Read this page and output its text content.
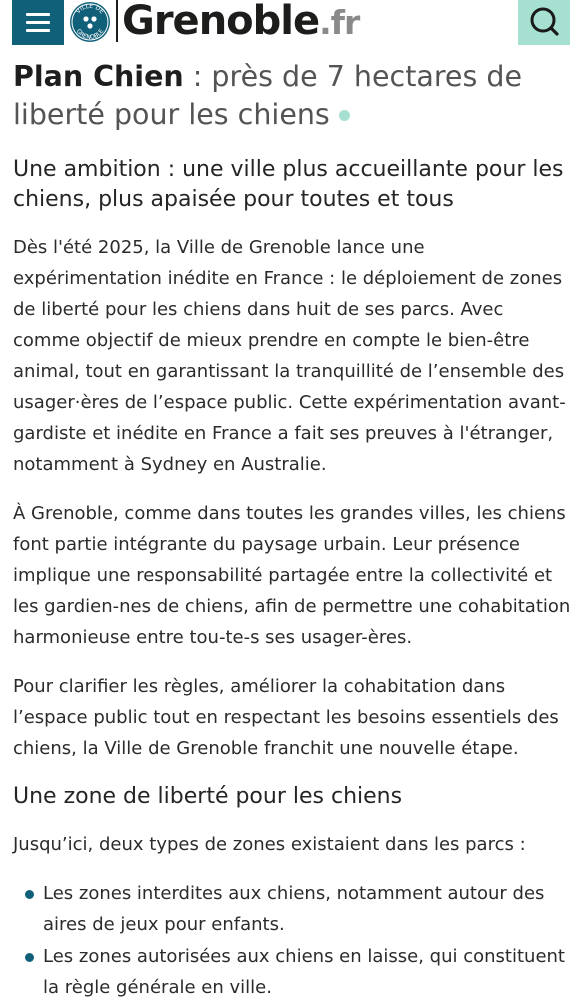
VILLE DE
GRENOBLE Grenoble.fr
Plan Chien : près de 7 hectares de liberté pour les chiens
Une ambition : une ville plus accueillante pour les chiens, plus apaisée pour toutes et tous

Dès l'été 2025, la Ville de Grenoble lance une expérimentation inédite en France : le déploiement de zones de liberté pour les chiens dans huit de ses parcs. Avec comme objectif de mieux prendre en compte le bien-être animal, tout en garantissant la tranquillité de l’ensemble des usager·ères de l’espace public. Cette expérimentation avant-gardiste et inédite en France a fait ses preuves à l'étranger, notamment à Sydney en Australie.

À Grenoble, comme dans toutes les grandes villes, les chiens font partie intégrante du paysage urbain. Leur présence implique une responsabilité partagée entre la collectivité et les gardien-nes de chiens, afin de permettre une cohabitation harmonieuse entre tou-te-s ses usager-ères.

Pour clarifier les règles, améliorer la cohabitation dans l’espace public tout en respectant les besoins essentiels des chiens, la Ville de Grenoble franchit une nouvelle étape.

Une zone de liberté pour les chiens

Jusqu’ici, deux types de zones existaient dans les parcs :

Les zones interdites aux chiens, notamment autour des aires de jeux pour enfants.
Les zones autorisées aux chiens en laisse, qui constituent la règle générale en ville.
